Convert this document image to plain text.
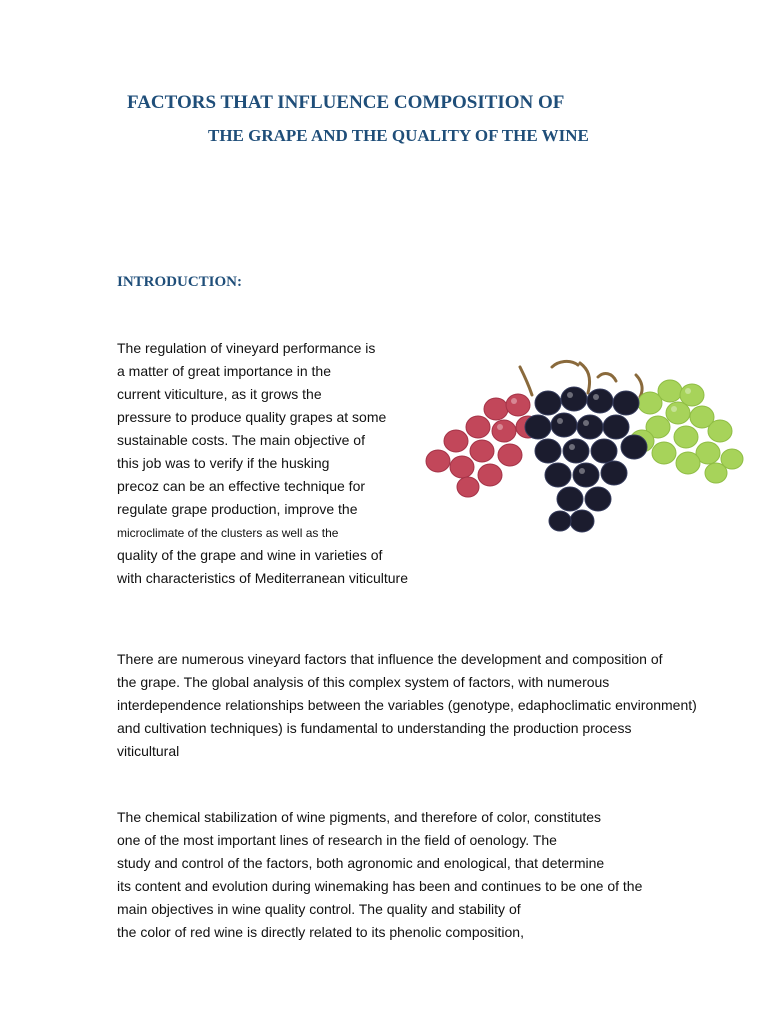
FACTORS THAT INFLUENCE COMPOSITION OF
THE GRAPE AND THE QUALITY OF THE WINE
INTRODUCTION:

The regulation of vineyard performance is

a matter of great importance in the

current viticulture, as it grows the

pressure to produce quality grapes at some

sustainable costs. The main objective of

this job was to verify if the husking

precoz can be an effective technique for

regulate grape production, improve the

microclimate of the clusters as well as the

quality of the grape and wine in varieties of

with characteristics of Mediterranean viticulture

There are numerous vineyard factors that influence the development and composition of

the grape. The global analysis of this complex system of factors, with numerous

interdependence relationships between the variables (genotype, edaphoclimatic environment)

and cultivation techniques) is fundamental to understanding the production process

viticultural

The chemical stabilization of wine pigments, and therefore of color, constitutes

one of the most important lines of research in the field of oenology. The

study and control of the factors, both agronomic and enological, that determine

its content and evolution during winemaking has been and continues to be one of the

main objectives in wine quality control. The quality and stability of

the color of red wine is directly related to its phenolic composition,
